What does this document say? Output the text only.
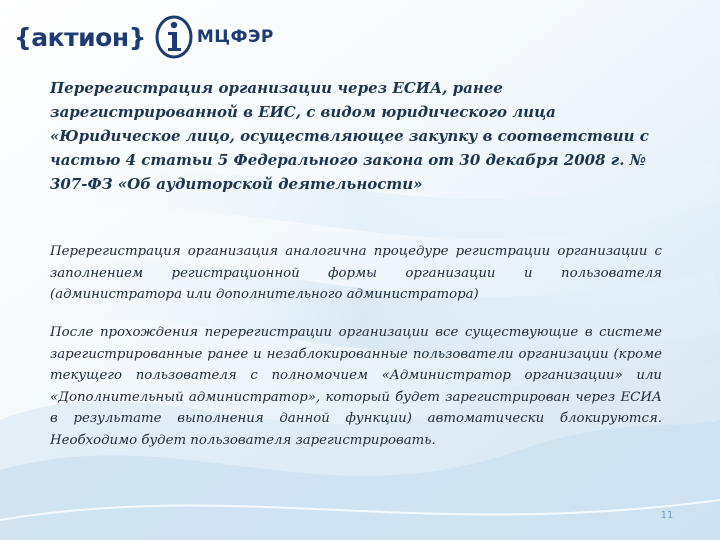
{актион}	МЦФЭР
Перерегистрация организации через ЕСИА, ранее зарегистрированной в ЕИС, с видом юридического лица «Юридическое лицо, осуществляющее закупку в соответствии с частью 4 статьи 5 Федерального закона от 30 декабря 2008 г. № 307-ФЗ «Об аудиторской деятельности»

Перерегистрация организация аналогична процедуре регистрации организации с заполнением регистрационной формы организации и пользователя (администратора или дополнительного администратора)

После прохождения перерегистрации организации все существующие в системе зарегистрированные ранее и незаблокированные пользователи организации (кроме текущего пользователя с полномочием «Администратор организации» или «Дополнительный администратор», который будет зарегистрирован через ЕСИА в результате выполнения данной функции) автоматически блокируются. Необходимо будет пользователя зарегистрировать.

11
